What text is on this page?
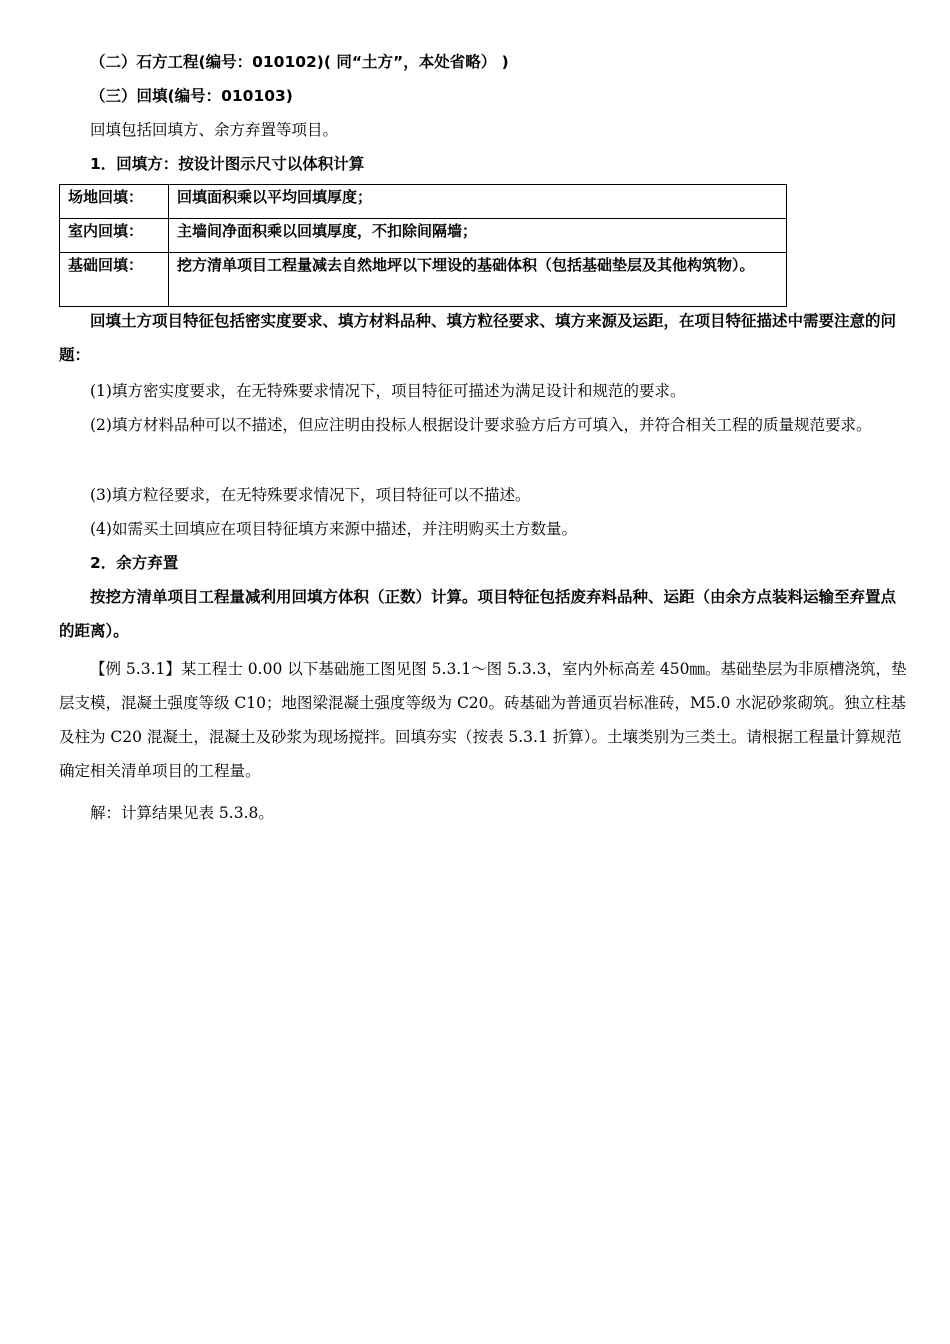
（二）石方工程(编号：010102)( 同“土方”，本处省略） )

（三）回填(编号：010103)

回填包括回填方、余方弃置等项目。

1．回填方：按设计图示尺寸以体积计算

场地回填：	回填面积乘以平均回填厚度；
室内回填：	主墙间净面积乘以回填厚度，不扣除间隔墙；
基础回填：	挖方清单项目工程量减去自然地坪以下埋设的基础体积（包括基础垫层及其他构筑物）。

回填土方项目特征包括密实度要求、填方材料品种、填方粒径要求、填方来源及运距，在项目特征描述中需要注意的问题：

(1)填方密实度要求，在无特殊要求情况下，项目特征可描述为满足设计和规范的要求。

(2)填方材料品种可以不描述，但应注明由投标人根据设计要求验方后方可填入，并符合相关工程的质量规范要求。

(3)填方粒径要求，在无特殊要求情况下，项目特征可以不描述。

(4)如需买土回填应在项目特征填方来源中描述，并注明购买土方数量。

2．余方弃置

按挖方清单项目工程量减利用回填方体积（正数）计算。项目特征包括废弃料品种、运距（由余方点装料运输至弃置点的距离）。

【例 5.3.1】某工程士 0.00 以下基础施工图见图 5.3.1～图 5.3.3，室内外标高差 450㎜。基础垫层为非原槽浇筑，垫层支模，混凝土强度等级 C10；地图梁混凝土强度等级为 C20。砖基础为普通页岩标准砖，M5.0 水泥砂浆砌筑。独立柱基及柱为 C20 混凝土，混凝土及砂浆为现场搅拌。回填夯实（按表 5.3.1 折算）。土壤类别为三类土。请根据工程量计算规范确定相关清单项目的工程量。

解：计算结果见表 5.3.8。
